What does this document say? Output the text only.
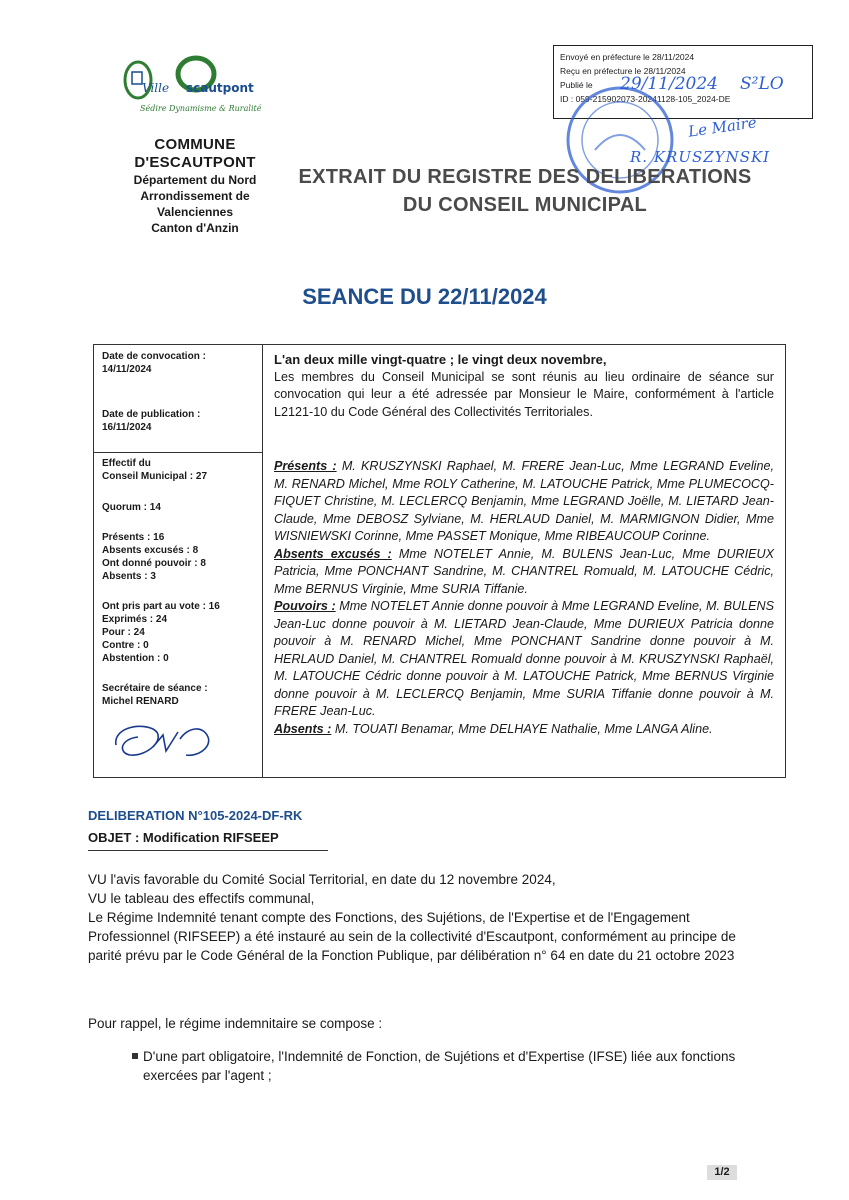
Ville scautpont
Sédire Dynamisme & Ruralité
COMMUNE
D'ESCAUTPONT
Département du Nord
Arrondissement de
Valenciennes
Canton d'Anzin
Envoyé en préfecture le 28/11/2024
Reçu en préfecture le 28/11/2024
Publié le
ID : 059-215902073-20241128-105_2024-DE
29/11/2024 S²LO
Le Maire
R. KRUSZYNSKI
EXTRAIT DU REGISTRE DES DELIBERATIONS
DU CONSEIL MUNICIPAL
SEANCE DU 22/11/2024
Date de convocation :
14/11/2024
Date de publication :
16/11/2024
Effectif du
Conseil Municipal : 27
Quorum : 14
Présents : 16
Absents excusés : 8
Ont donné pouvoir : 8
Absents : 3
Ont pris part au vote : 16
Exprimés : 24
Pour : 24
Contre : 0
Abstention : 0
Secrétaire de séance :
Michel RENARD

L'an deux mille vingt-quatre ; le vingt deux novembre,

Les membres du Conseil Municipal se sont réunis au lieu ordinaire de séance sur convocation qui leur a été adressée par Monsieur le Maire, conformément à l'article L2121-10 du Code Général des Collectivités Territoriales.

Présents : M. KRUSZYNSKI Raphael, M. FRERE Jean-Luc, Mme LEGRAND Eveline, M. RENARD Michel, Mme ROLY Catherine, M. LATOUCHE Patrick, Mme PLUMECOCQ-FIQUET Christine, M. LECLERCQ Benjamin, Mme LEGRAND Joëlle, M. LIETARD Jean-Claude, Mme DEBOSZ Sylviane, M. HERLAUD Daniel, M. MARMIGNON Didier, Mme WISNIEWSKI Corinne, Mme PASSET Monique, Mme RIBEAUCOUP Corinne.

Absents excusés : Mme NOTELET Annie, M. BULENS Jean-Luc, Mme DURIEUX Patricia, Mme PONCHANT Sandrine, M. CHANTREL Romuald, M. LATOUCHE Cédric, Mme BERNUS Virginie, Mme SURIA Tiffanie.

Pouvoirs : Mme NOTELET Annie donne pouvoir à Mme LEGRAND Eveline, M. BULENS Jean-Luc donne pouvoir à M. LIETARD Jean-Claude, Mme DURIEUX Patricia donne pouvoir à M. RENARD Michel, Mme PONCHANT Sandrine donne pouvoir à M. HERLAUD Daniel, M. CHANTREL Romuald donne pouvoir à M. KRUSZYNSKI Raphaël, M. LATOUCHE Cédric donne pouvoir à M. LATOUCHE Patrick, Mme BERNUS Virginie donne pouvoir à M. LECLERCQ Benjamin, Mme SURIA Tiffanie donne pouvoir à M. FRERE Jean-Luc.

Absents : M. TOUATI Benamar, Mme DELHAYE Nathalie, Mme LANGA Aline.

DELIBERATION N°105-2024-DF-RK
OBJET : Modification RIFSEEP

VU l'avis favorable du Comité Social Territorial, en date du 12 novembre 2024,

VU le tableau des effectifs communal,

Le Régime Indemnité tenant compte des Fonctions, des Sujétions, de l'Expertise et de l'Engagement Professionnel (RIFSEEP) a été instauré au sein de la collectivité d'Escautpont, conformément au principe de parité prévu par le Code Général de la Fonction Publique, par délibération n° 64 en date du 21 octobre 2023

Pour rappel, le régime indemnitaire se compose :
D'une part obligatoire, l'Indemnité de Fonction, de Sujétions et d'Expertise (IFSE) liée aux fonctions exercées par l'agent ;
1/2
